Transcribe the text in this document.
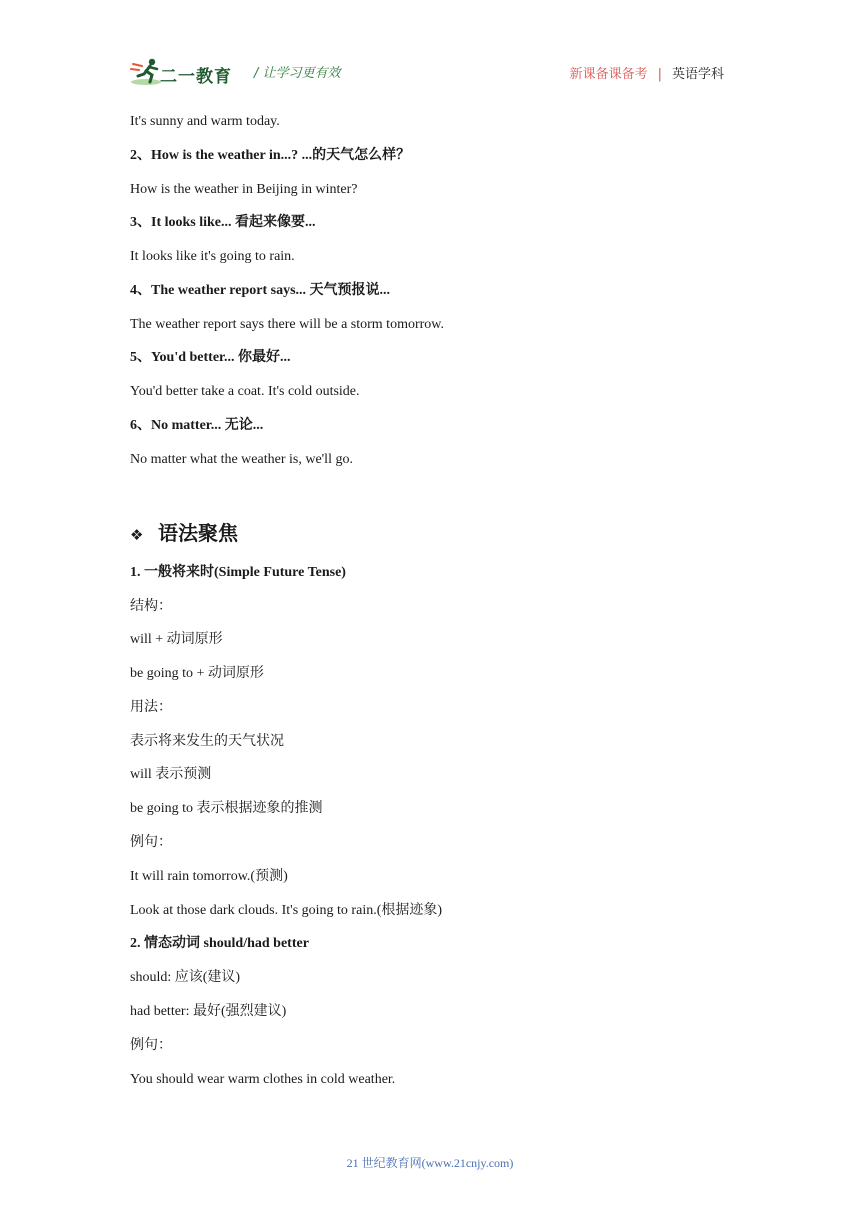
二一教育 / 让学习更有效	新课备课备考 | 英语学科
It's sunny and warm today.
2、How is the weather in...? ...的天气怎么样？
How is the weather in Beijing in winter?
3、It looks like... 看起来像要...
It looks like it's going to rain.
4、The weather report says... 天气预报说...
The weather report says there will be a storm tomorrow.
5、You'd better... 你最好...
You'd better take a coat. It's cold outside.
6、No matter... 无论...
No matter what the weather is, we'll go.
❖ 语法聚焦
1. 一般将来时(Simple Future Tense)
结构：
will + 动词原形
be going to + 动词原形
用法：
表示将来发生的天气状况
will 表示预测
be going to 表示根据迹象的推测
例句：
It will rain tomorrow.(预测)
Look at those dark clouds. It's going to rain.(根据迹象)
2. 情态动词 should/had better
should: 应该(建议)
had better: 最好(强烈建议)
例句：
You should wear warm clothes in cold weather.
21 世纪教育网(www.21cnjy.com)
